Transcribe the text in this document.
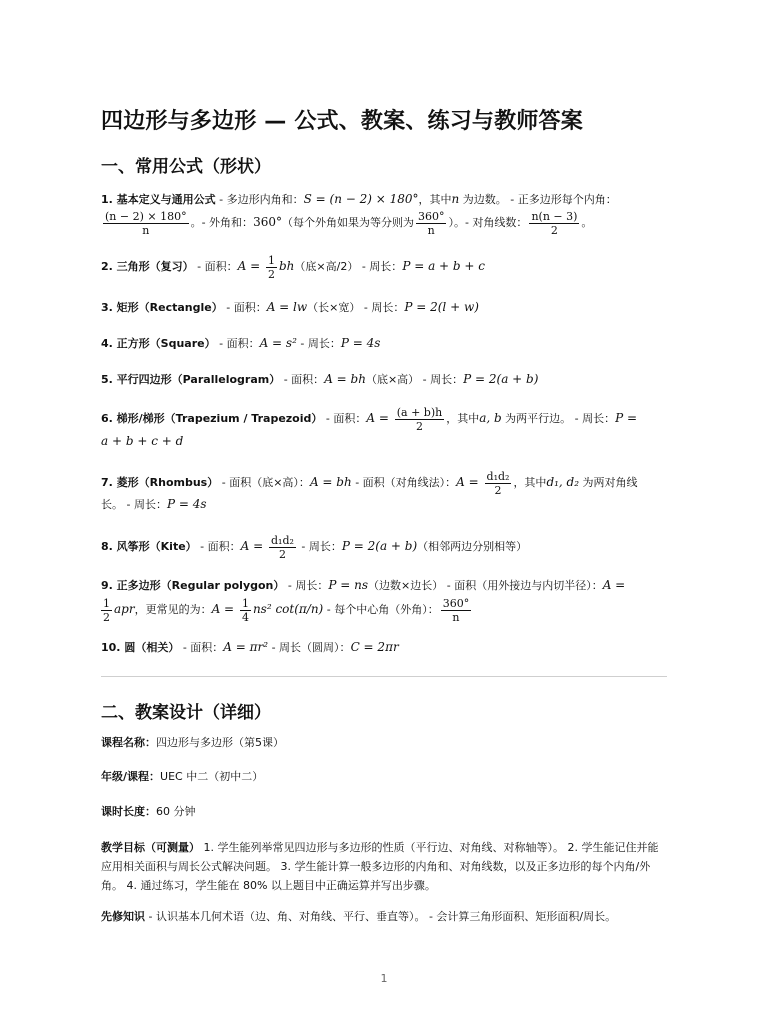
四边形与多边形 — 公式、教案、练习与教师答案
一、常用公式（形状）
1. 基本定义与通用公式 - 多边形内角和：S = (n − 2) × 180°，其中n 为边数。 - 正多边形每个内角：
$\frac{(n - 2) \times 180^\circ}{n}$ 。- 外角和：360°（每个外角如果为等分则为 $\frac{360^\circ}{n}$ ）。- 对角线数： $\frac{n(n - 3)}{2}$ 。
2. 三角形（复习） - 面积：$A = \frac{1}{2} bh$（底×高/2） - 周长：P = a + b + c
3. 矩形（Rectangle） - 面积：A = lw（长×宽） - 周长：P = 2(l + w)
4. 正方形（Square） - 面积：A = s² - 周长：P = 4s
5. 平行四边形（Parallelogram） - 面积：A = bh（底×高） - 周长：P = 2(a + b)
6. 梯形/梯形（Trapezium / Trapezoid） - 面积：$A = \frac{(a + b)h}{2}$ ，其中a, b 为两平行边。 - 周长：P =
a + b + c + d
7. 菱形（Rhombus） - 面积（底×高）：A = bh - 面积（对角线法）：$A = \frac{\text{d₁d₂}}{2}$ ，其中d₁, d₂ 为两对角线
长。 - 周长：P = 4s
8. 风筝形（Kite） - 面积：$A = \frac{\text{d₁d₂}}{2}$ - 周长：P = 2(a + b)（相邻两边分别相等）
9. 正多边形（Regular polygon） - 周长：P = ns（边数×边长） - 面积（用外接边与内切半径）：A =
$\frac{1}{2}$ apr，更常见的为：$A = \frac{1}{4} ns^2$ cot(π/n) - 每个中心角（外角）： $\frac{360^\circ}{n}$
10. 圆（相关） - 面积：A = πr² - 周长（圆周）：C = 2πr
二、教案设计（详细）
课程名称：四边形与多边形（第5课）
年级/课程：UEC 中二（初中二）
课时长度：60 分钟
教学目标（可测量） 1. 学生能列举常见四边形与多边形的性质（平行边、对角线、对称轴等）。 2. 学生能记住并能应用相关面积与周长公式解决问题。 3. 学生能计算一般多边形的内角和、对角线数，以及正多边形的每个内角/外角。 4. 通过练习，学生能在 80% 以上题目中正确运算并写出步骤。
先修知识 - 认识基本几何术语（边、角、对角线、平行、垂直等）。 - 会计算三角形面积、矩形面积/周长。
1
